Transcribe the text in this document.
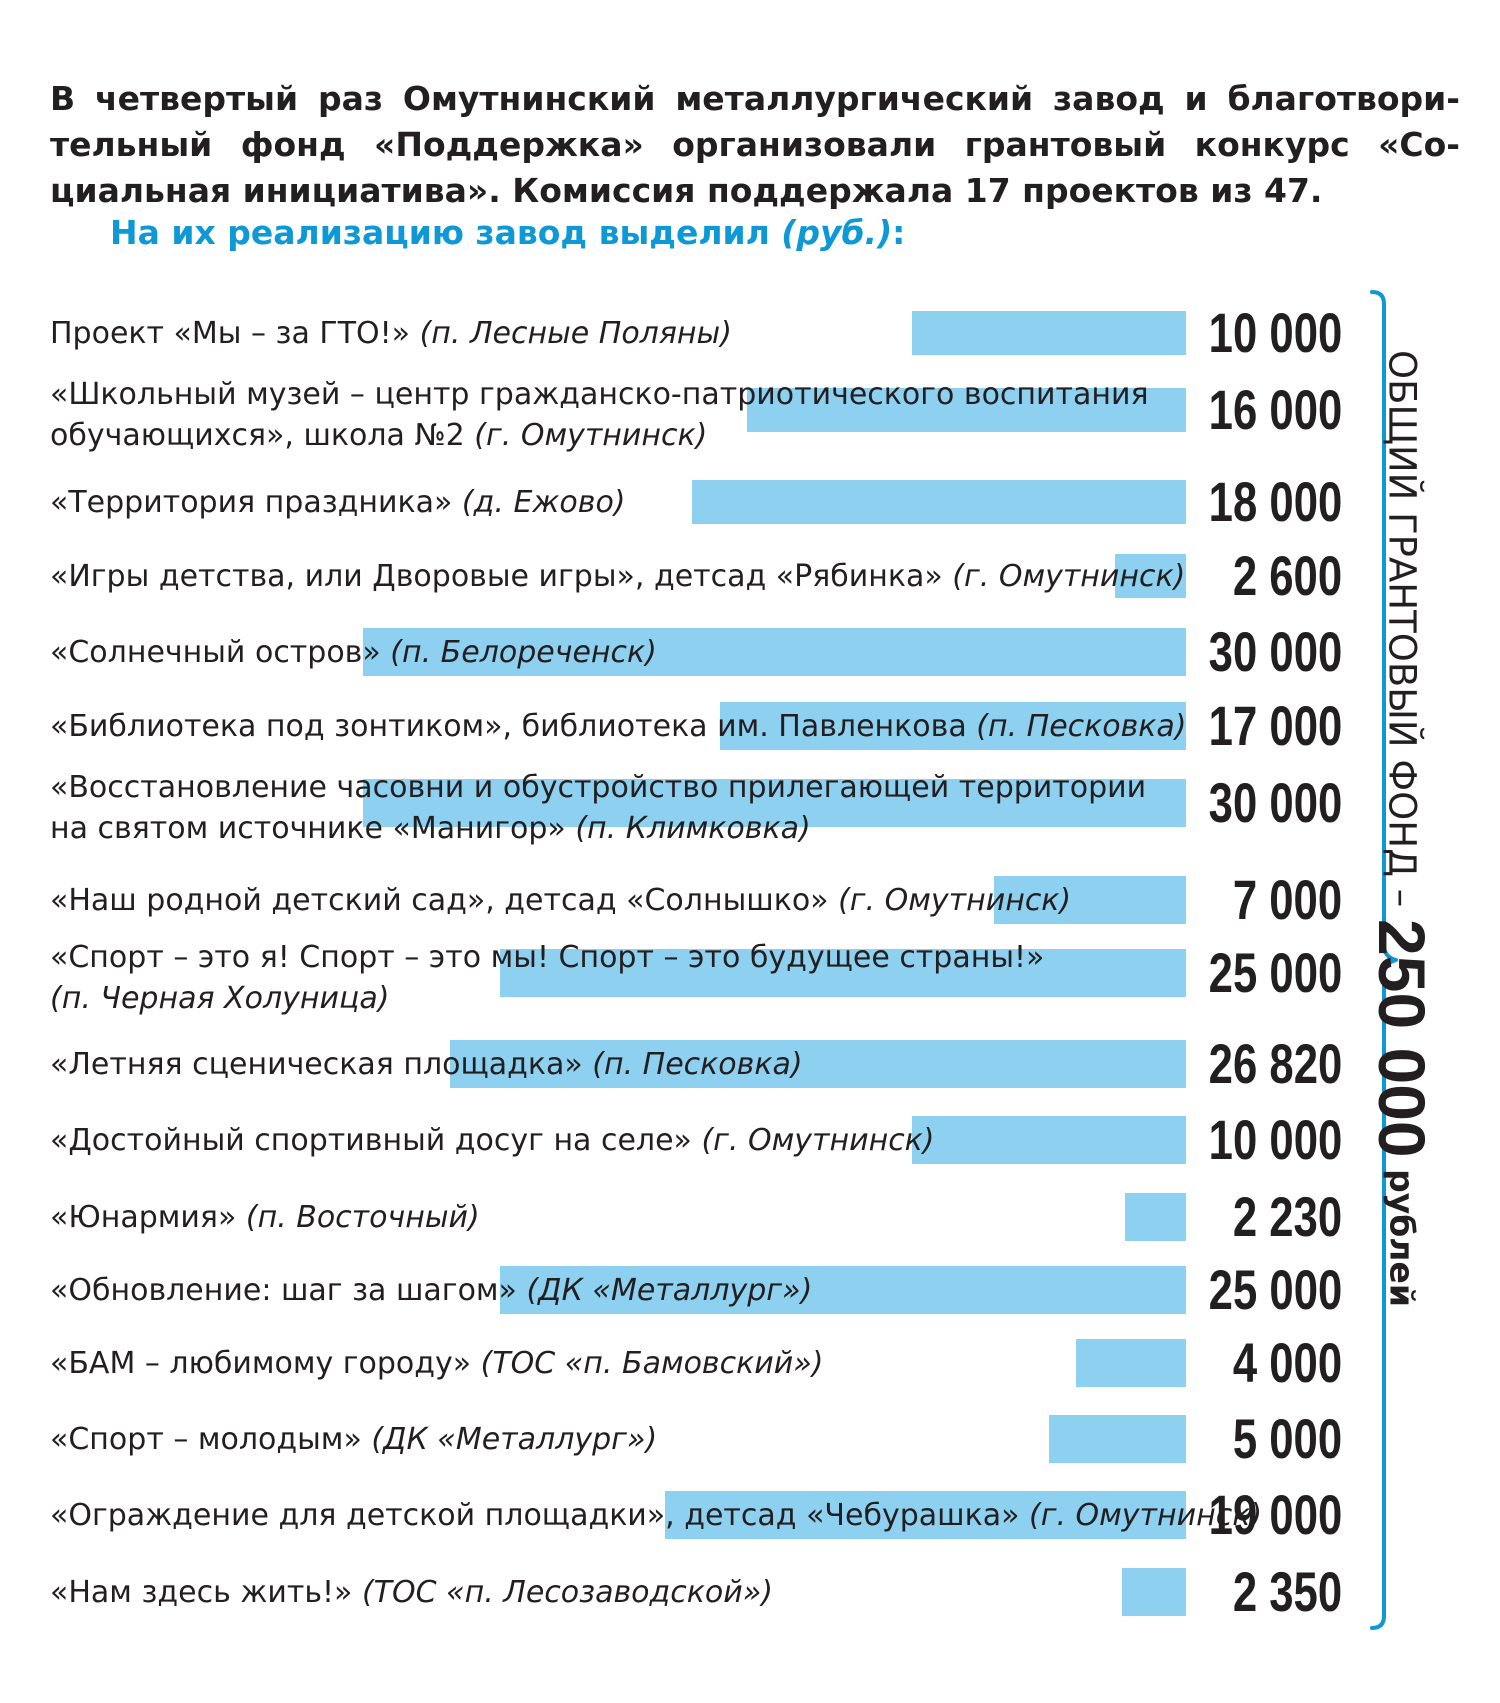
В четвертый раз Омутнинский металлургический завод и благотвори-
тельный фонд «Поддержка» организовали грантовый конкурс «Со-
циальная инициатива». Комиссия поддержала 17 проектов из 47.

На их реализацию завод выделил (руб.):
Проект «Мы – за ГТО!» (п. Лесные Поляны)	10 000
«Школьный музей – центр гражданско-патриотического воспитания
обучающихся», школа №2 (г. Омутнинск)	16 000
«Территория праздника» (д. Ежово)	18 000
«Игры детства, или Дворовые игры», детсад «Рябинка» (г. Омутнинск) 2 600
«Солнечный остров» (п. Белореченск)	30 000
«Библиотека под зонтиком», библиотека им. Павленкова (п. Песковка) 17 000
«Восстановление часовни и обустройство прилегающей территории
на святом источнике «Манигор» (п. Климковка)	30 000
«Наш родной детский сад», детсад «Солнышко» (г. Омутнинск)	7 000
«Спорт – это я! Спорт – это мы! Спорт – это будущее страны!»
(п. Черная Холуница)	25 000
«Летняя сценическая площадка» (п. Песковка)	26 820
«Достойный спортивный досуг на селе» (г. Омутнинск)	10 000
«Юнармия» (п. Восточный)	2 230
«Обновление: шаг за шагом» (ДК «Металлург»)	25 000
«БАМ – любимому городу» (ТОС «п. Бамовский»)	4 000
«Спорт – молодым» (ДК «Металлург»)	5 000
«Ограждение для детской площадки», детсад «Чебурашка» (г. Омутнинск)
19 000
«Нам здесь жить!» (ТОС «п. Лесозаводской»)	2 350
ОБЩИЙ ГРАНТОВЫЙ ФОНД – 250 000 рублей
